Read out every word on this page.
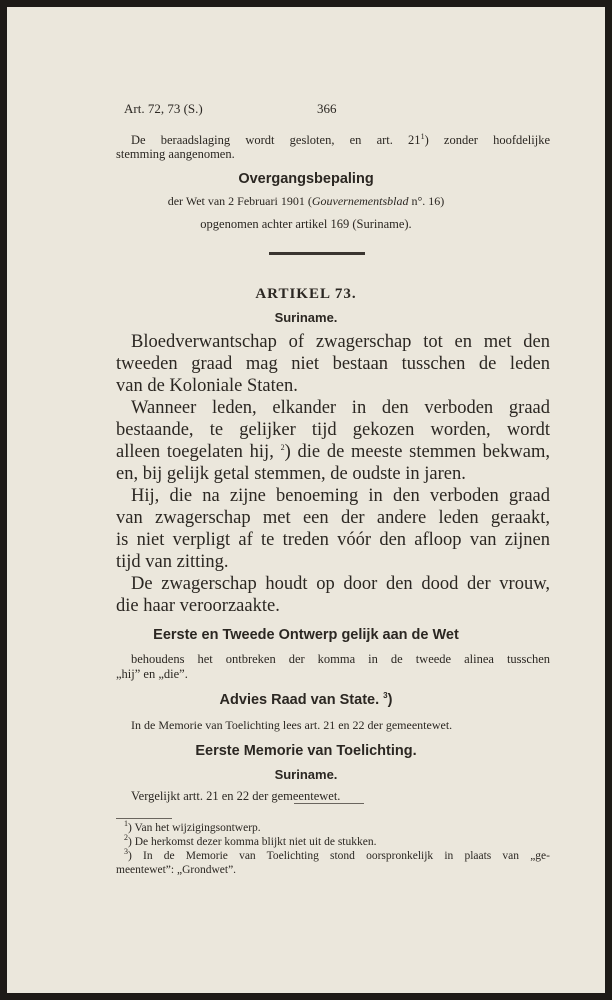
Art. 72, 73 (S.)	366
De beraadslaging wordt gesloten, en art. $21^1$) zonder hoofdelijke
stemming aangenomen.
Overgangsbepaling
der Wet van 2 Februari 1901 (Gouvernementsblad n°. 16)
opgenomen achter artikel 169 (Suriname).
ARTIKEL 73.
Suriname.
Bloedverwantschap of zwagerschap tot en met den
tweeden graad mag niet bestaan tusschen de leden
van de Koloniale Staten.
Wanneer leden, elkander in den verboden graad
bestaande, te gelijker tijd gekozen worden, wordt
alleen toegelaten hij, $^2$) die de meeste stemmen bekwam,
en, bij gelijk getal stemmen, de oudste in jaren.
Hij, die na zijne benoeming in den verboden graad
van zwagerschap met een der andere leden geraakt,
is niet verpligt af te treden vóór den afloop van zijnen
tijd van zitting.
De zwagerschap houdt op door den dood der vrouw,
die haar veroorzaakte.
Eerste en Tweede Ontwerp gelijk aan de Wet
behoudens het ontbreken der komma in de tweede alinea tusschen
„hij” en „die”.
Advies Raad van State. $^3$)
In de Memorie van Toelichting lees art. 21 en 22 der gemeentewet.
Eerste Memorie van Toelichting.
Suriname.
Vergelijkt artt. 21 en 22 der gemeentewet.
$^1$) Van het wijzigingsontwerp.
$^2$) De herkomst dezer komma blijkt niet uit de stukken.
$^3$) In de Memorie van Toelichting stond oorspronkelijk in plaats van „ge-
meentewet”: „Grondwet”.
